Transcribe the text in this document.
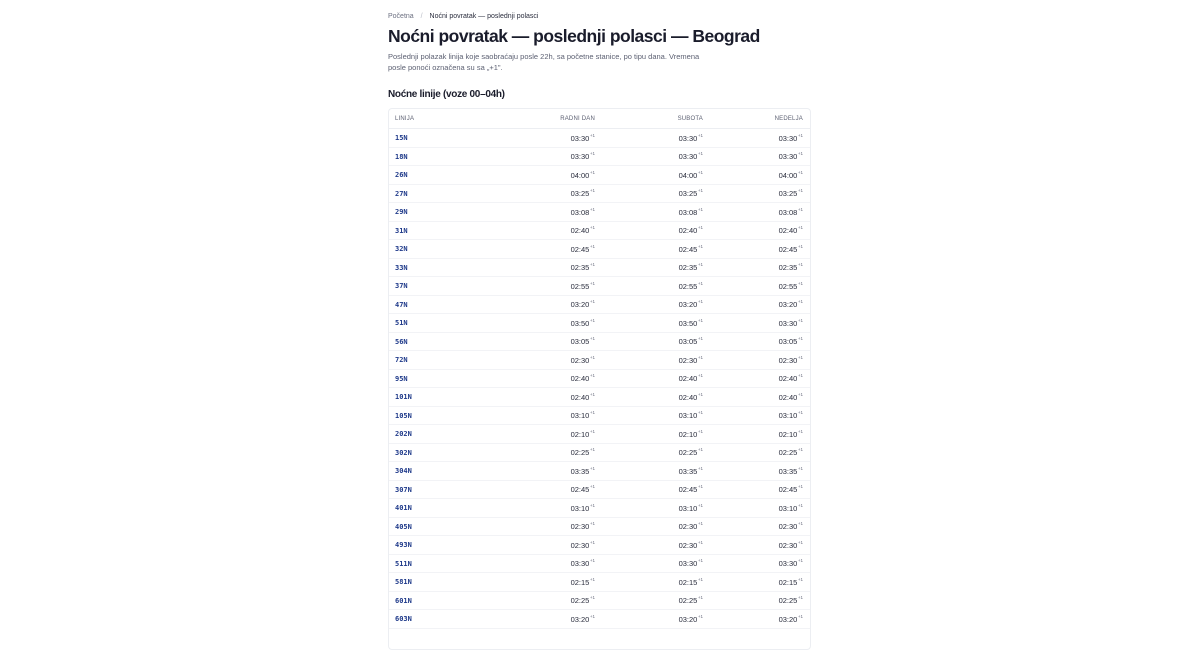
Početna / Noćni povratak — poslednji polasci
Noćni povratak — poslednji polasci — Beograd

Poslednji polazak linija koje saobraćaju posle 22h, sa početne stanice, po tipu dana. Vremena posle ponoći označena su sa „+1".

Noćne linije (voze 00–04h)
LINIJA	RADNI DAN	SUBOTA	NEDELJA
15N	$03:30^{+1}$	$03:30^{+1}$	$03:30^{+1}$
18N	$03:30^{+1}$	$03:30^{+1}$	$03:30^{+1}$
26N	$04:00^{+1}$	$04:00^{+1}$	$04:00^{+1}$
27N	$03:25^{+1}$	$03:25^{+1}$	$03:25^{+1}$
29N	$03:08^{+1}$	$03:08^{+1}$	$03:08^{+1}$
31N	$02:40^{+1}$	$02:40^{+1}$	$02:40^{+1}$
32N	$02:45^{+1}$	$02:45^{+1}$	$02:45^{+1}$
33N	$02:35^{+1}$	$02:35^{+1}$	$02:35^{+1}$
37N	$02:55^{+1}$	$02:55^{+1}$	$02:55^{+1}$
47N	$03:20^{+1}$	$03:20^{+1}$	$03:20^{+1}$
51N	$03:50^{+1}$	$03:50^{+1}$	$03:30^{+1}$
56N	$03:05^{+1}$	$03:05^{+1}$	$03:05^{+1}$
72N	$02:30^{+1}$	$02:30^{+1}$	$02:30^{+1}$
95N	$02:40^{+1}$	$02:40^{+1}$	$02:40^{+1}$
101N	$02:40^{+1}$	$02:40^{+1}$	$02:40^{+1}$
105N	$03:10^{+1}$	$03:10^{+1}$	$03:10^{+1}$
202N	$02:10^{+1}$	$02:10^{+1}$	$02:10^{+1}$
302N	$02:25^{+1}$	$02:25^{+1}$	$02:25^{+1}$
304N	$03:35^{+1}$	$03:35^{+1}$	$03:35^{+1}$
307N	$02:45^{+1}$	$02:45^{+1}$	$02:45^{+1}$
401N	$03:10^{+1}$	$03:10^{+1}$	$03:10^{+1}$
405N	$02:30^{+1}$	$02:30^{+1}$	$02:30^{+1}$
493N	$02:30^{+1}$	$02:30^{+1}$	$02:30^{+1}$
511N	$03:30^{+1}$	$03:30^{+1}$	$03:30^{+1}$
581N	$02:15^{+1}$	$02:15^{+1}$	$02:15^{+1}$
601N	$02:25^{+1}$	$02:25^{+1}$	$02:25^{+1}$
603N	$03:20^{+1}$	$03:20^{+1}$	$03:20^{+1}$
